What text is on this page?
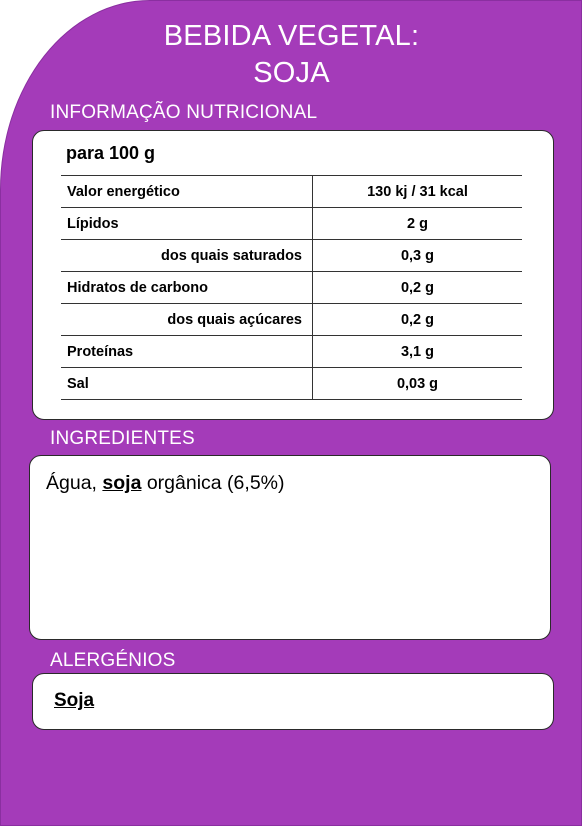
BEBIDA VEGETAL:
SOJA
INFORMAÇÃO NUTRICIONAL
para 100 g
Valor energético	130 kj / 31 kcal
Lípidos	2 g
dos quais saturados	0,3 g
Hidratos de carbono	0,2 g
dos quais açúcares	0,2 g
Proteínas	3,1 g
Sal	0,03 g
INGREDIENTES
Água, soja orgânica (6,5%)
ALERGÉNIOS
Soja
